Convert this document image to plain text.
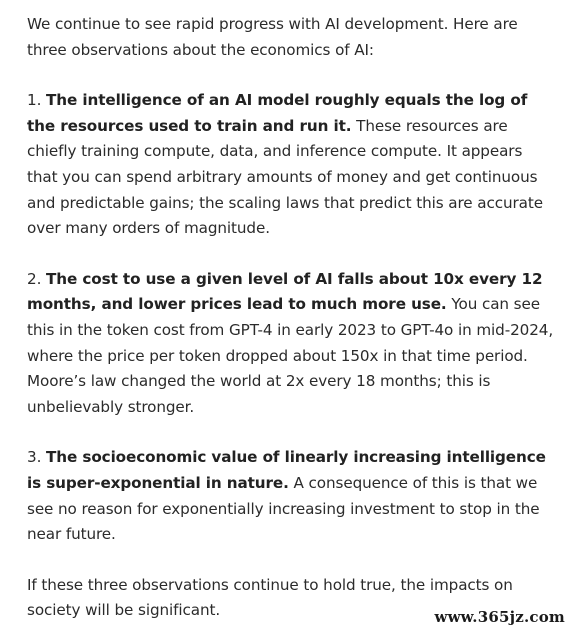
We continue to see rapid progress with AI development. Here are three observations about the economics of AI:

1. The intelligence of an AI model roughly equals the log of the resources used to train and run it. These resources are chiefly training compute, data, and inference compute. It appears that you can spend arbitrary amounts of money and get continuous and predictable gains; the scaling laws that predict this are accurate over many orders of magnitude.

2. The cost to use a given level of AI falls about 10x every 12 months, and lower prices lead to much more use. You can see this in the token cost from GPT-4 in early 2023 to GPT-4o in mid-2024, where the price per token dropped about 150x in that time period. Moore’s law changed the world at 2x every 18 months; this is unbelievably stronger.

3. The socioeconomic value of linearly increasing intelligence is super-exponential in nature. A consequence of this is that we see no reason for exponentially increasing investment to stop in the near future.

If these three observations continue to hold true, the impacts on society will be significant.	www.365jz.com
